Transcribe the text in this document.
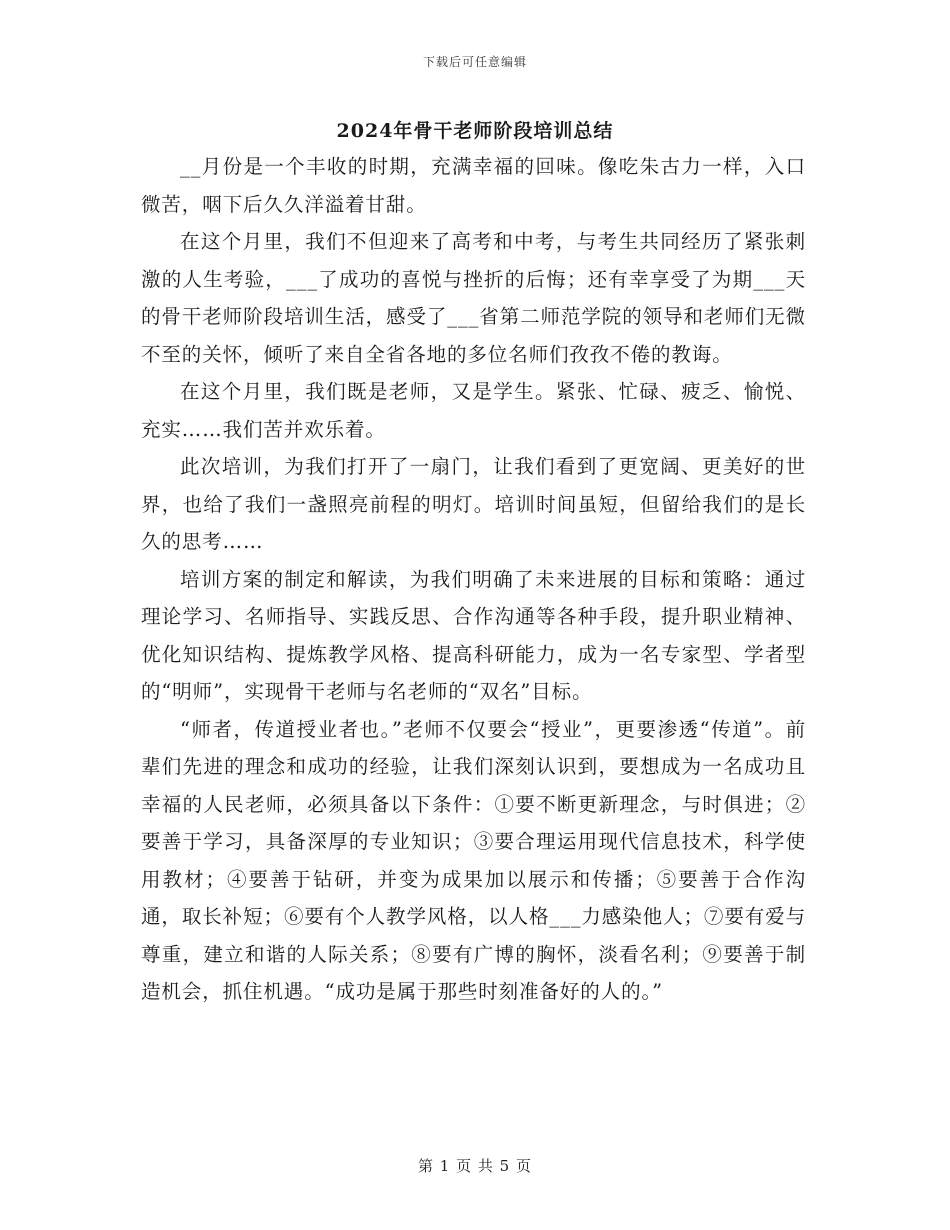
下载后可任意编辑
2024年骨干老师阶段培训总结

__月份是一个丰收的时期，充满幸福的回味。像吃朱古力一样，入口微苦，咽下后久久洋溢着甘甜。

在这个月里，我们不但迎来了高考和中考，与考生共同经历了紧张刺激的人生考验，___了成功的喜悦与挫折的后悔；还有幸享受了为期___天的骨干老师阶段培训生活，感受了___省第二师范学院的领导和老师们无微不至的关怀，倾听了来自全省各地的多位名师们孜孜不倦的教诲。

在这个月里，我们既是老师，又是学生。紧张、忙碌、疲乏、愉悦、充实……我们苦并欢乐着。

此次培训，为我们打开了一扇门，让我们看到了更宽阔、更美好的世界，也给了我们一盏照亮前程的明灯。培训时间虽短，但留给我们的是长久的思考……

培训方案的制定和解读，为我们明确了未来进展的目标和策略：通过理论学习、名师指导、实践反思、合作沟通等各种手段，提升职业精神、优化知识结构、提炼教学风格、提高科研能力，成为一名专家型、学者型的“明师”，实现骨干老师与名老师的“双名”目标。

“师者，传道授业者也。”老师不仅要会“授业”，更要渗透“传道”。前辈们先进的理念和成功的经验，让我们深刻认识到，要想成为一名成功且幸福的人民老师，必须具备以下条件：①要不断更新理念，与时俱进；②要善于学习，具备深厚的专业知识；③要合理运用现代信息技术，科学使用教材；④要善于钻研，并变为成果加以展示和传播；⑤要善于合作沟通，取长补短；⑥要有个人教学风格，以人格___力感染他人；⑦要有爱与尊重，建立和谐的人际关系；⑧要有广博的胸怀，淡看名利；⑨要善于制造机会，抓住机遇。“成功是属于那些时刻准备好的人的。”

第 1 页 共 5 页
